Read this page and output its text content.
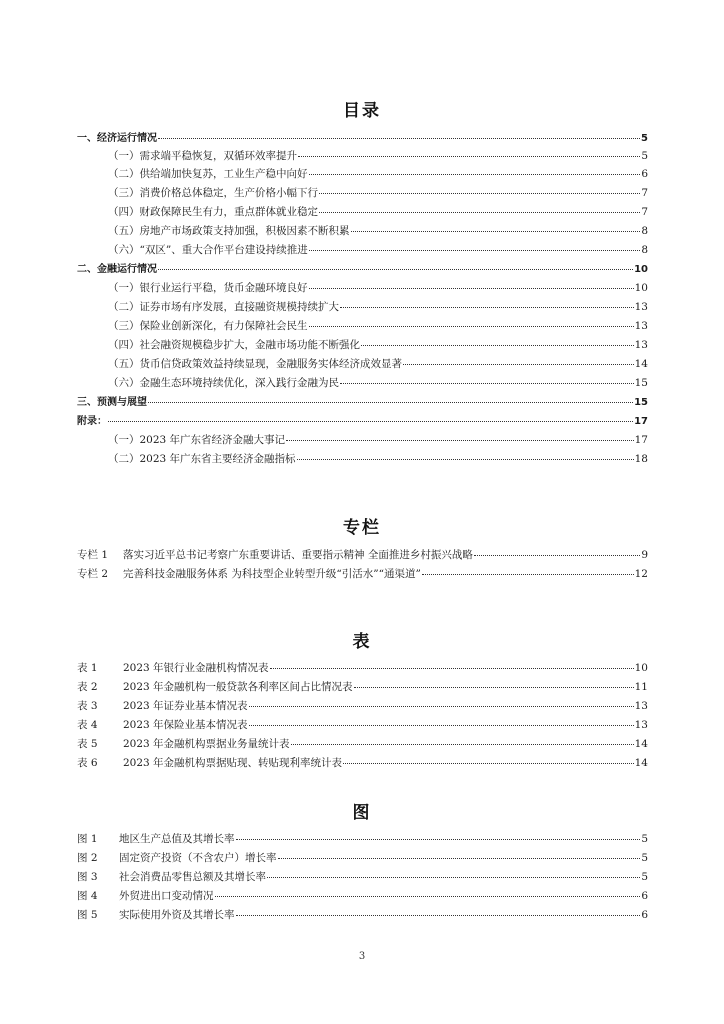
目录
一、经济运行情况	5
（一）需求端平稳恢复，双循环效率提升	5
（二）供给端加快复苏，工业生产稳中向好	6
（三）消费价格总体稳定，生产价格小幅下行	7
（四）财政保障民生有力，重点群体就业稳定	7
（五）房地产市场政策支持加强，积极因素不断积累	8
（六）“双区”、重大合作平台建设持续推进	8
二、金融运行情况	10
（一）银行业运行平稳，货币金融环境良好	10
（二）证券市场有序发展，直接融资规模持续扩大	13
（三）保险业创新深化，有力保障社会民生	13
（四）社会融资规模稳步扩大，金融市场功能不断强化	13
（五）货币信贷政策效益持续显现，金融服务实体经济成效显著	14
（六）金融生态环境持续优化，深入践行金融为民	15
三、预测与展望	15
附录：	17
（一）2023 年广东省经济金融大事记	17
（二）2023 年广东省主要经济金融指标	18
专栏
专栏 1	落实习近平总书记考察广东重要讲话、重要指示精神 全面推进乡村振兴战略	9
专栏 2	完善科技金融服务体系 为科技型企业转型升级“引活水”“通渠道”	12
表
表 1	2023 年银行业金融机构情况表	10
表 2	2023 年金融机构一般贷款各利率区间占比情况表	11
表 3	2023 年证券业基本情况表	13
表 4	2023 年保险业基本情况表	13
表 5	2023 年金融机构票据业务量统计表	14
表 6	2023 年金融机构票据贴现、转贴现利率统计表	14
图
图 1	地区生产总值及其增长率	5
图 2	固定资产投资（不含农户）增长率	5
图 3	社会消费品零售总额及其增长率	5
图 4	外贸进出口变动情况	6
图 5	实际使用外资及其增长率	6
3
